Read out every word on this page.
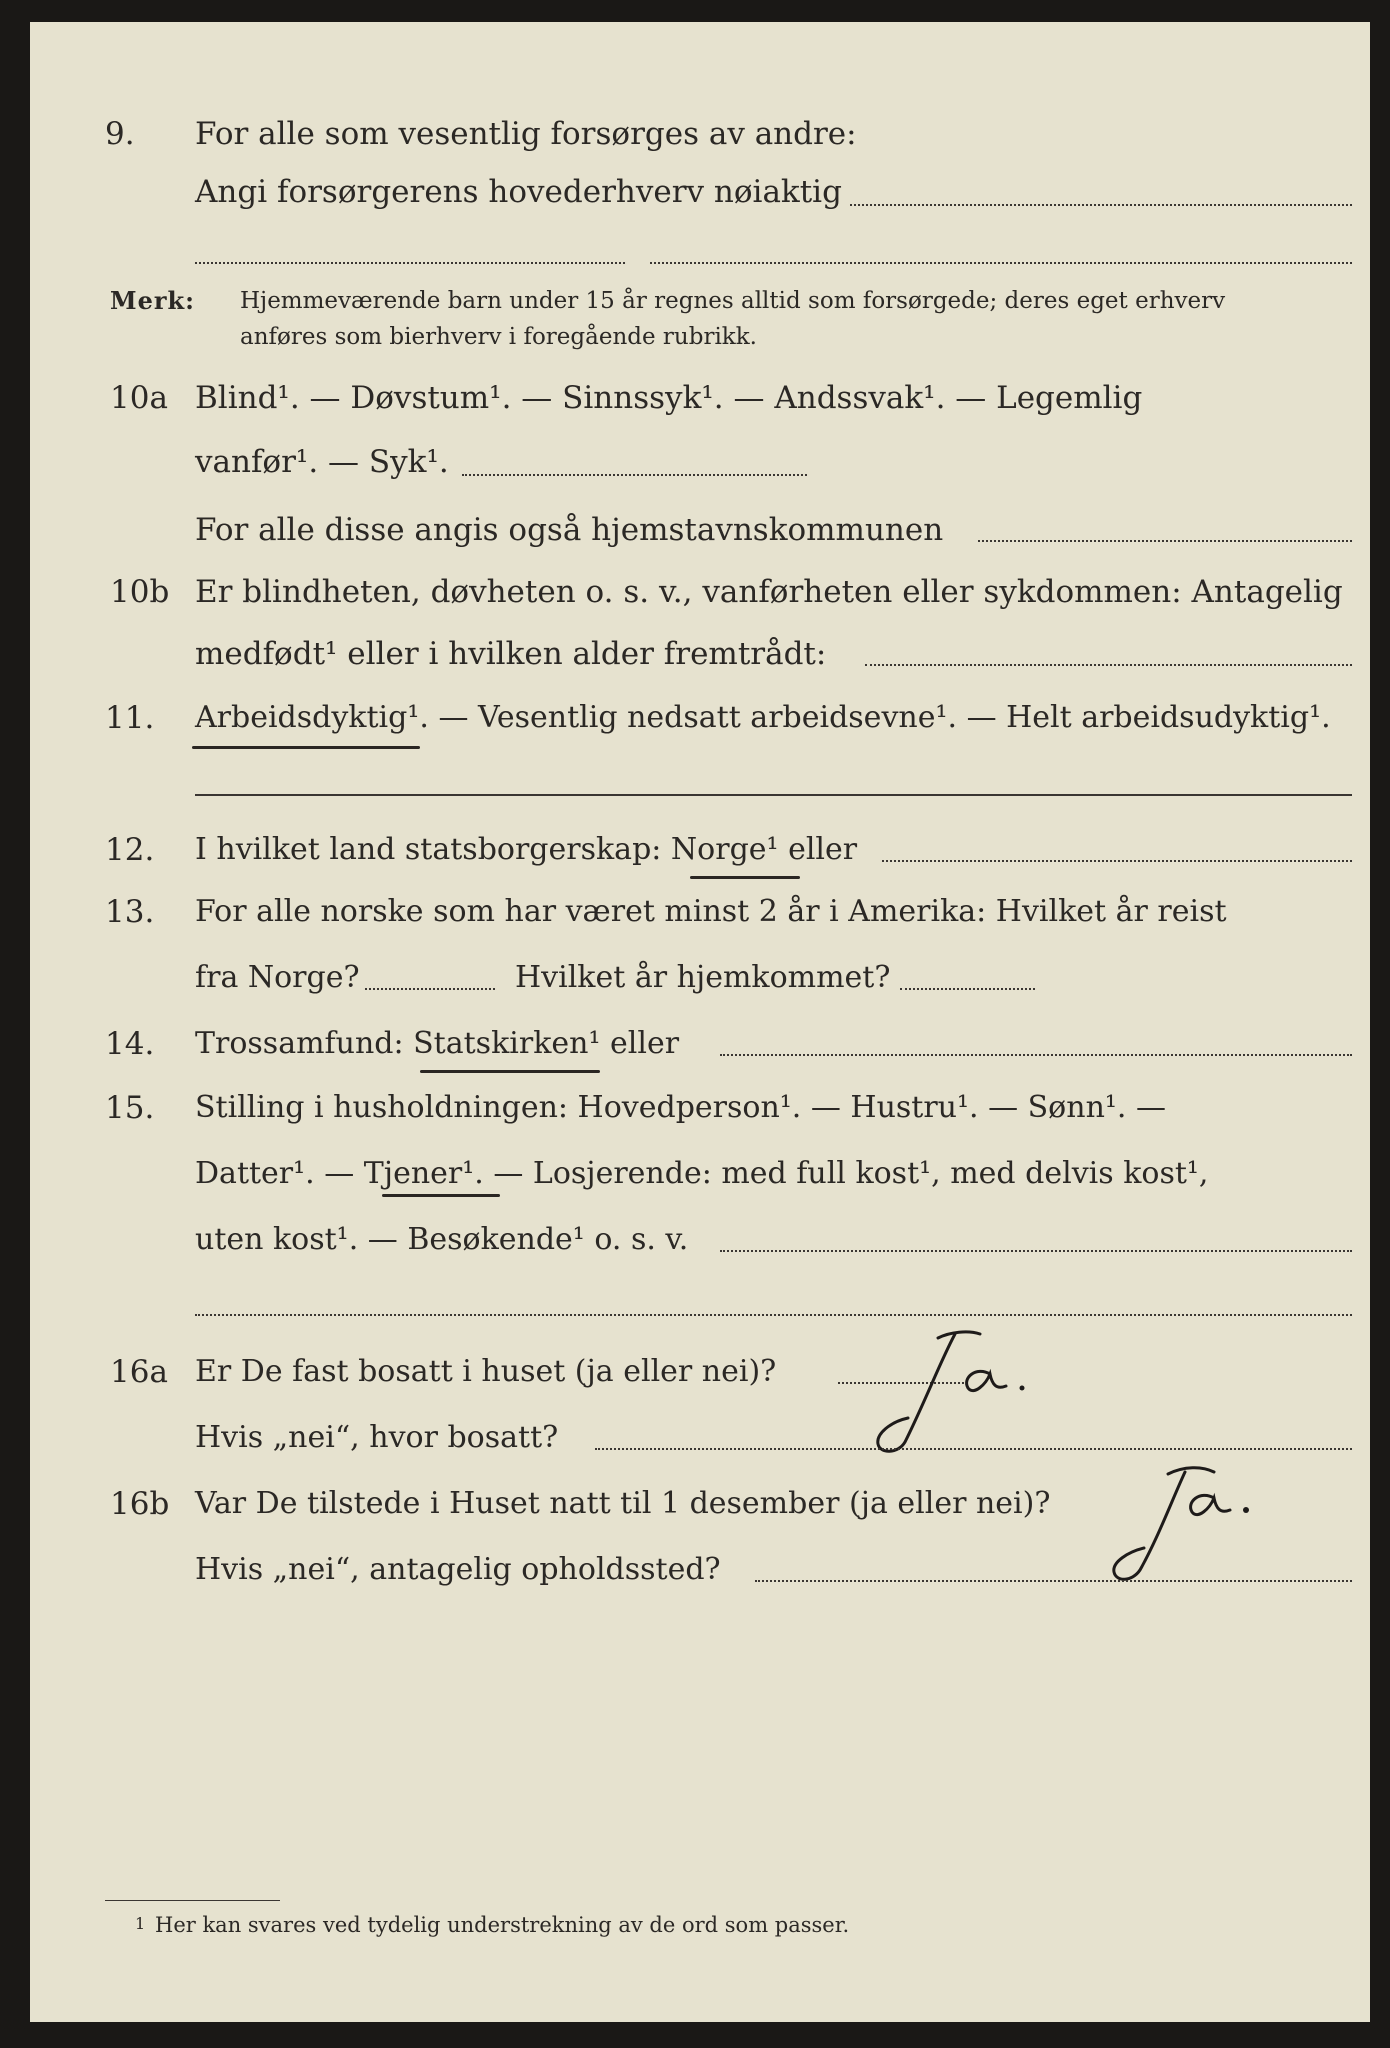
9. For alle som vesentlig forsørges av andre:
Angi forsørgerens hovederhverv nøiaktig
Merk: Hjemmeværende barn under 15 år regnes alltid som forsørgede; deres eget erhverv
anføres som bierhverv i foregående rubrikk.
10a Blind¹. — Døvstum¹. — Sinnssyk¹. — Andssvak¹. — Legemlig
vanfør¹. — Syk¹.
For alle disse angis også hjemstavnskommunen
10b Er blindheten, døvheten o. s. v., vanførheten eller sykdommen: Antagelig
medfødt¹ eller i hvilken alder fremtrådt:
11. Arbeidsdyktig¹. — Vesentlig nedsatt arbeidsevne¹. — Helt arbeidsudyktig¹.
12. I hvilket land statsborgerskap: Norge¹ eller
13. For alle norske som har været minst 2 år i Amerika: Hvilket år reist
fra Norge?	Hvilket år hjemkommet?
14. Trossamfund: Statskirken¹ eller
15. Stilling i husholdningen: Hovedperson¹. — Hustru¹. — Sønn¹. —
Datter¹. — Tjener¹. — Losjerende: med full kost¹, med delvis kost¹,
uten kost¹. — Besøkende¹ o. s. v.
16a Er De fast bosatt i huset (ja eller nei)?
Ja.
Hvis „nei“, hvor bosatt?
16b Var De tilstede i Huset natt til 1 desember (ja eller nei)?
Ja.
Hvis „nei“, antagelig opholdssted?
1 Her kan svares ved tydelig understrekning av de ord som passer.
